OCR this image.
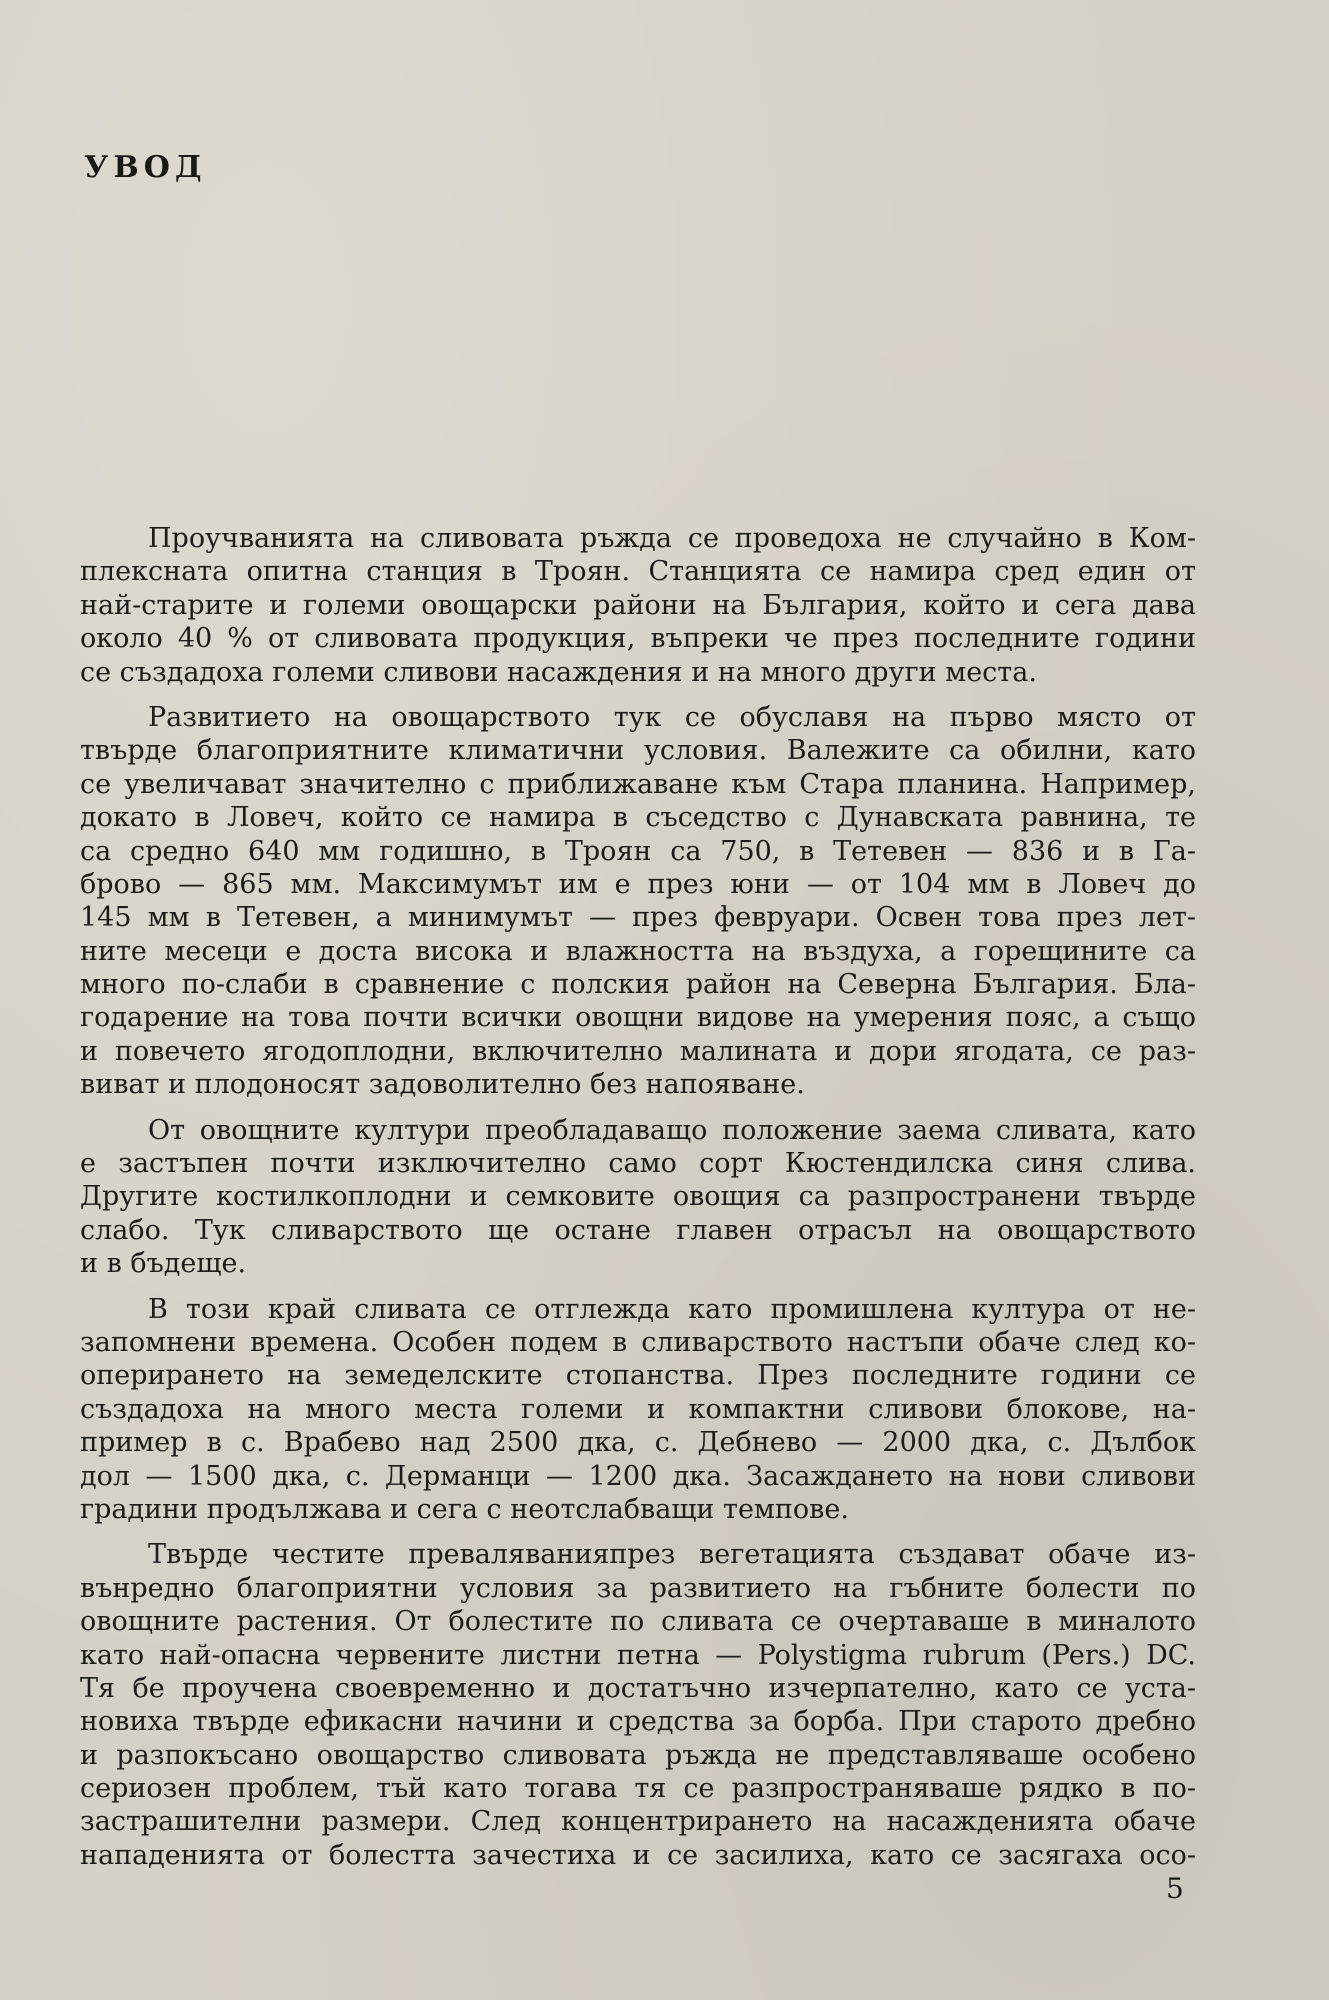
УВОД

Проучванията на сливовата ръжда се проведоха не случайно в Ком-
плексната опитна станция в Троян. Станцията се намира сред един от
най-старите и големи овощарски райони на България, който и сега дава
около 40 % от сливовата продукция, въпреки че през последните години
се създадоха големи сливови насаждения и на много други места.

Развитието на овощарството тук се обуславя на първо място от
твърде благоприятните климатични условия. Валежите са обилни, като
се увеличават значително с приближаване към Стара планина. Например,
докато в Ловеч, който се намира в съседство с Дунавската равнина, те
са средно 640 мм годишно, в Троян са 750, в Тетевен — 836 и в Га-
брово — 865 мм. Максимумът им е през юни — от 104 мм в Ловеч до
145 мм в Тетевен, а минимумът — през февруари. Освен това през лет-
ните месеци е доста висока и влажността на въздуха, а горещините са
много по-слаби в сравнение с полския район на Северна България. Бла-
годарение на това почти всички овощни видове на умерения пояс, а също
и повечето ягодоплодни, включително малината и дори ягодата, се раз-
виват и плодоносят задоволително без напояване.

От овощните култури преобладаващо положение заема сливата, като
е застъпен почти изключително само сорт Кюстендилска синя слива.
Другите костилкоплодни и семковите овощия са разпространени твърде
слабо. Тук сливарството ще остане главен отрасъл на овощарството
и в бъдеще.

В този край сливата се отглежда като промишлена култура от не-
запомнени времена. Особен подем в сливарството настъпи обаче след ко-
оперирането на земеделските стопанства. През последните години се
създадоха на много места големи и компактни сливови блокове, на-
пример в с. Врабево над 2500 дка, с. Дебнево — 2000 дка, с. Дълбок
дол — 1500 дка, с. Дерманци — 1200 дка. Засаждането на нови сливови
градини продължава и сега с неотслабващи темпове.

Твърде честите преваляванияпрез вегетацията създават обаче из-
вънредно благоприятни условия за развитието на гъбните болести по
овощните растения. От болестите по сливата се очертаваше в миналото
като най-опасна червените листни петна — Polystigma rubrum (Pers.) DC.
Тя бе проучена своевременно и достатъчно изчерпателно, като се уста-
новиха твърде ефикасни начини и средства за борба. При старото дребно
и разпокъсано овощарство сливовата ръжда не представляваше особено
сериозен проблем, тъй като тогава тя се разпространяваше рядко в по-
застрашителни размери. След концентрирането на насажденията обаче
нападенията от болестта зачестиха и се засилиха, като се засягаха осо-

5
